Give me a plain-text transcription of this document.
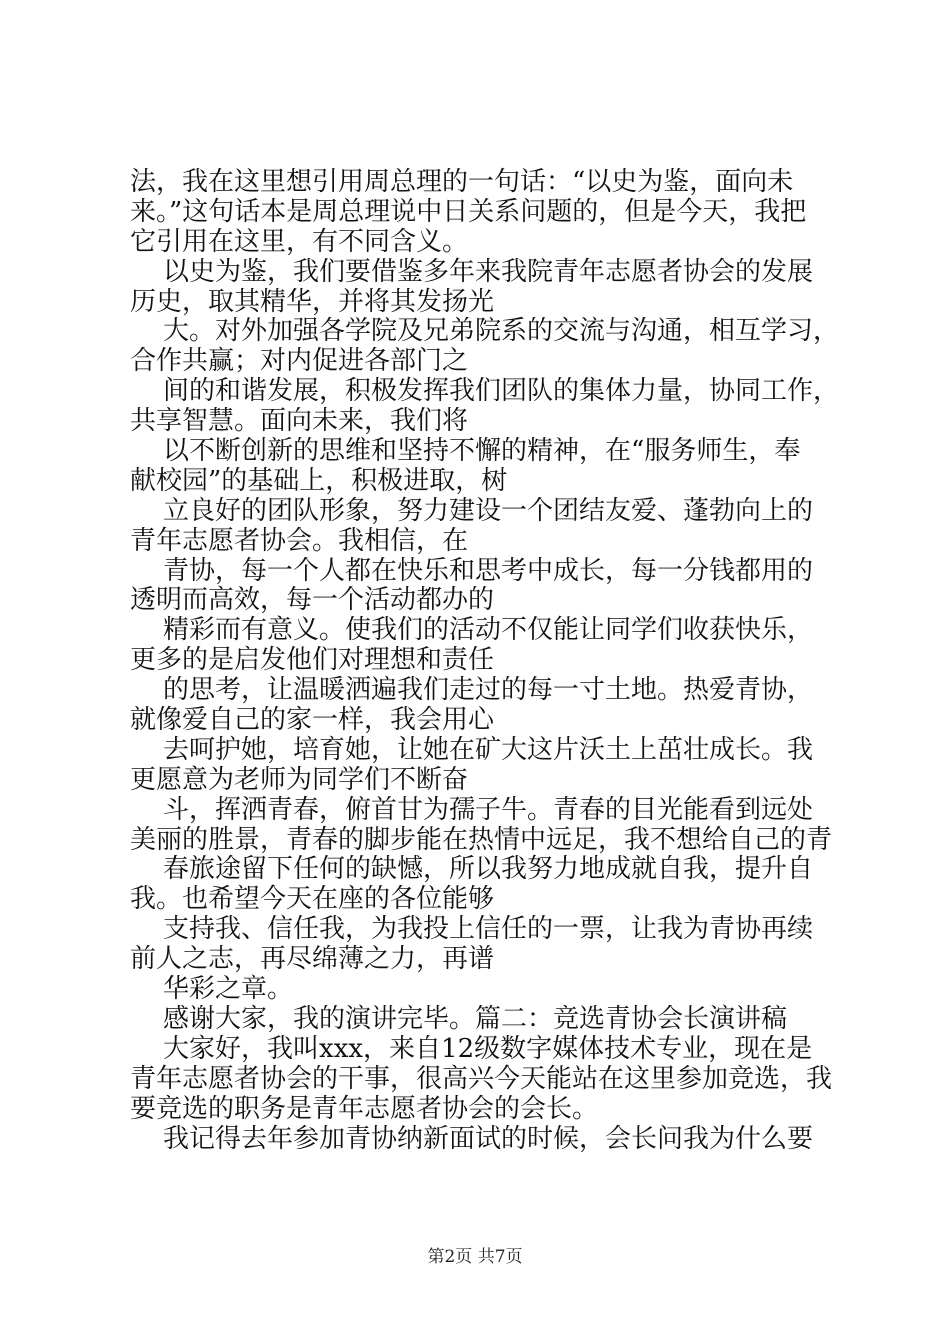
法，我在这里想引用周总理的一句话：“以史为鉴，面向未
来。”这句话本是周总理说中日关系问题的，但是今天，我把
它引用在这里，有不同含义。
以史为鉴，我们要借鉴多年来我院青年志愿者协会的发展
历史，取其精华，并将其发扬光
大。对外加强各学院及兄弟院系的交流与沟通，相互学习，
合作共赢；对内促进各部门之
间的和谐发展，积极发挥我们团队的集体力量，协同工作，
共享智慧。面向未来，我们将
以不断创新的思维和坚持不懈的精神，在“服务师生，奉
献校园”的基础上，积极进取，树
立良好的团队形象，努力建设一个团结友爱、蓬勃向上的
青年志愿者协会。我相信，在
青协，每一个人都在快乐和思考中成长，每一分钱都用的
透明而高效，每一个活动都办的
精彩而有意义。使我们的活动不仅能让同学们收获快乐，
更多的是启发他们对理想和责任
的思考，让温暖洒遍我们走过的每一寸土地。热爱青协，
就像爱自己的家一样，我会用心
去呵护她，培育她，让她在矿大这片沃土上茁壮成长。我
更愿意为老师为同学们不断奋
斗，挥洒青春，俯首甘为孺子牛。青春的目光能看到远处
美丽的胜景，青春的脚步能在热情中远足，我不想给自己的青
春旅途留下任何的缺憾，所以我努力地成就自我，提升自
我。也希望今天在座的各位能够
支持我、信任我，为我投上信任的一票，让我为青协再续
前人之志，再尽绵薄之力，再谱
华彩之章。
感谢大家，我的演讲完毕。篇二：竞选青协会长演讲稿
大家好，我叫xxx，来自12级数字媒体技术专业，现在是
青年志愿者协会的干事，很高兴今天能站在这里参加竞选，我
要竞选的职务是青年志愿者协会的会长。
我记得去年参加青协纳新面试的时候，会长问我为什么要
第2页 共7页
